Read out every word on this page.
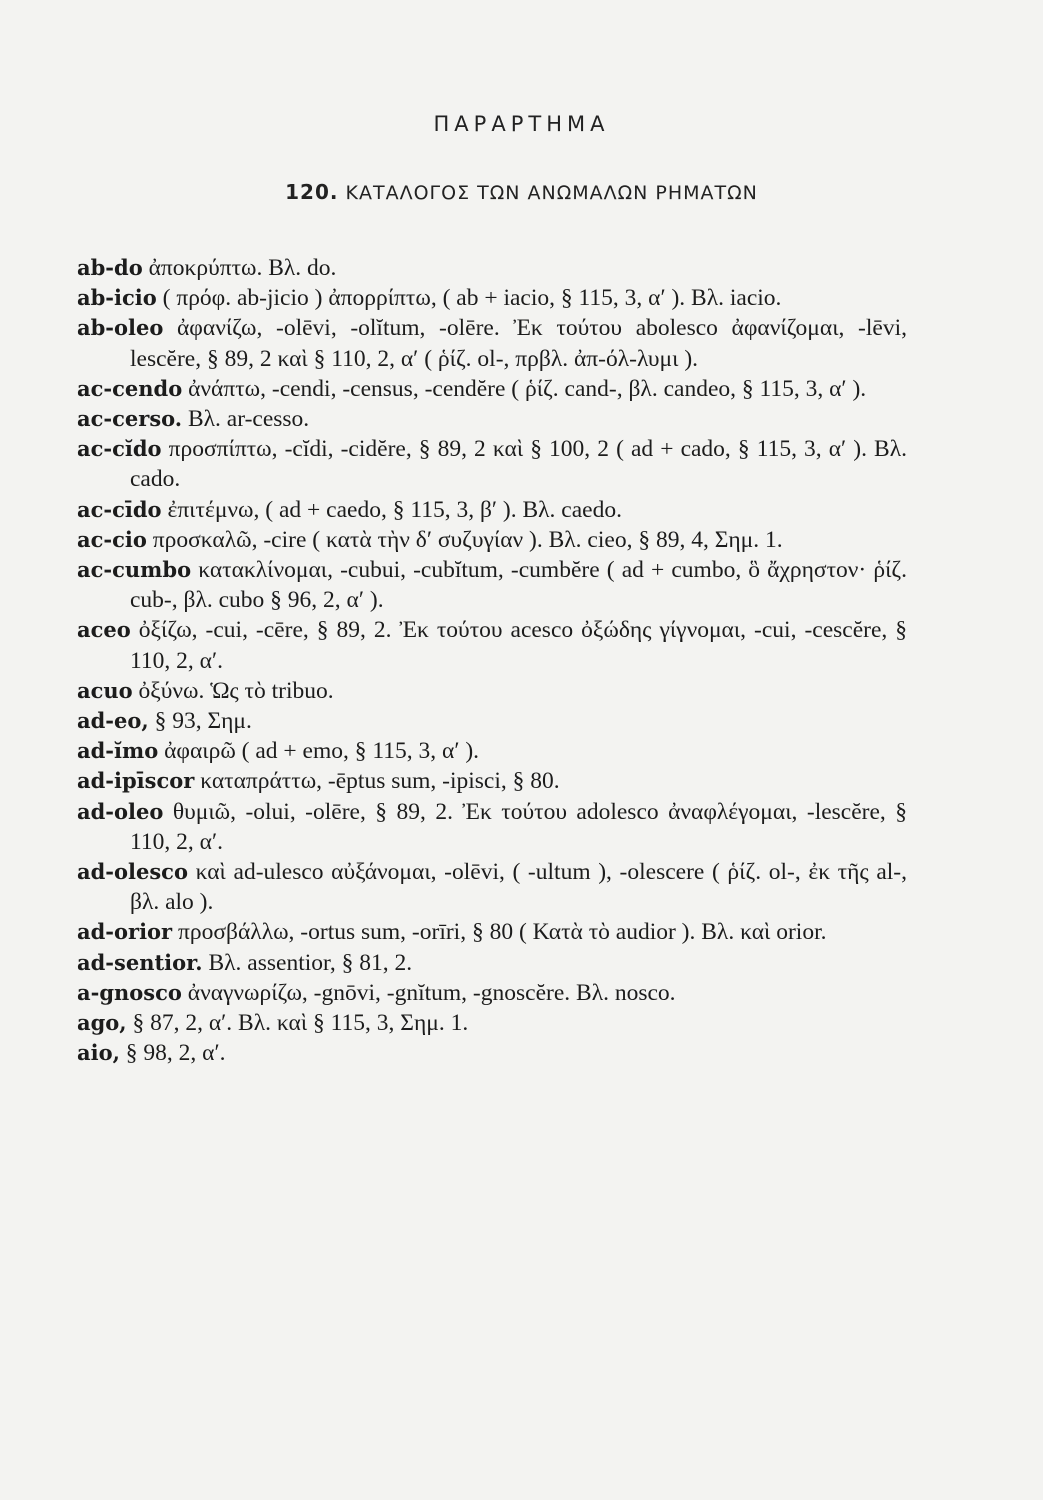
ΠΑΡΑΡΤΗΜΑ
120. ΚΑΤΑΛΟΓΟΣ ΤΩΝ ΑΝΩΜΑΛΩΝ ΡΗΜΑΤΩΝ

ab-do ἀποκρύπτω. Βλ. do.

ab-icio ( πρόφ. ab-jicio ) ἀπορρίπτω, ( ab + iacio, § 115, 3, α′ ). Βλ. iacio.

ab-oleo ἀφανίζω, -olēvi, -olĭtum, -olēre. Ἐκ τούτου abolesco ἀφανίζομαι, -lēvi, lescĕre, § 89, 2 καὶ § 110, 2, α′ ( ῥίζ. ol-, πρβλ. ἀπ-όλ-λυμι ).

ac-cendo ἀνάπτω, -cendi, -census, -cendĕre ( ῥίζ. cand-, βλ. candeo, § 115, 3, α′ ).

ac-cerso. Βλ. ar-cesso.

ac-cĭdo προσπίπτω, -cĭdi, -cidĕre, § 89, 2 καὶ § 100, 2 ( ad + cado, § 115, 3, α′ ). Βλ. cado.

ac-cīdo ἐπιτέμνω, ( ad + caedo, § 115, 3, β′ ). Βλ. caedo.

ac-cio προσκαλῶ, -cire ( κατὰ τὴν δ′ συζυγίαν ). Βλ. cieo, § 89, 4, Σημ. 1.

ac-cumbo κατακλίνομαι, -cubui, -cubĭtum, -cumbĕre ( ad + cumbo, ὃ ἄχρηστον· ῥίζ. cub-, βλ. cubo § 96, 2, α′ ).

aceo ὀξίζω, -cui, -cēre, § 89, 2. Ἐκ τούτου acesco ὀξώδης γίγνομαι, -cui, -cescĕre, § 110, 2, α′.

acuo ὀξύνω. Ὡς τὸ tribuo.

ad-eo, § 93, Σημ.

ad-ĭmo ἀφαιρῶ ( ad + emo, § 115, 3, α′ ).

ad-ipīscor καταπράττω, -ēptus sum, -ipisci, § 80.

ad-oleo θυμιῶ, -olui, -olēre, § 89, 2. Ἐκ τούτου adolesco ἀναφλέγομαι, -lescĕre, § 110, 2, α′.

ad-olesco καὶ ad-ulesco αὐξάνομαι, -olēvi, ( -ultum ), -olescere ( ῥίζ. ol-, ἐκ τῆς al-, βλ. alo ).

ad-orior προσβάλλω, -ortus sum, -orīri, § 80 ( Κατὰ τὸ audior ). Βλ. καὶ orior.

ad-sentior. Βλ. assentior, § 81, 2.

a-gnosco ἀναγνωρίζω, -gnōvi, -gnĭtum, -gnoscĕre. Βλ. nosco.

ago, § 87, 2, α′. Βλ. καὶ § 115, 3, Σημ. 1.

aio, § 98, 2, α′.
